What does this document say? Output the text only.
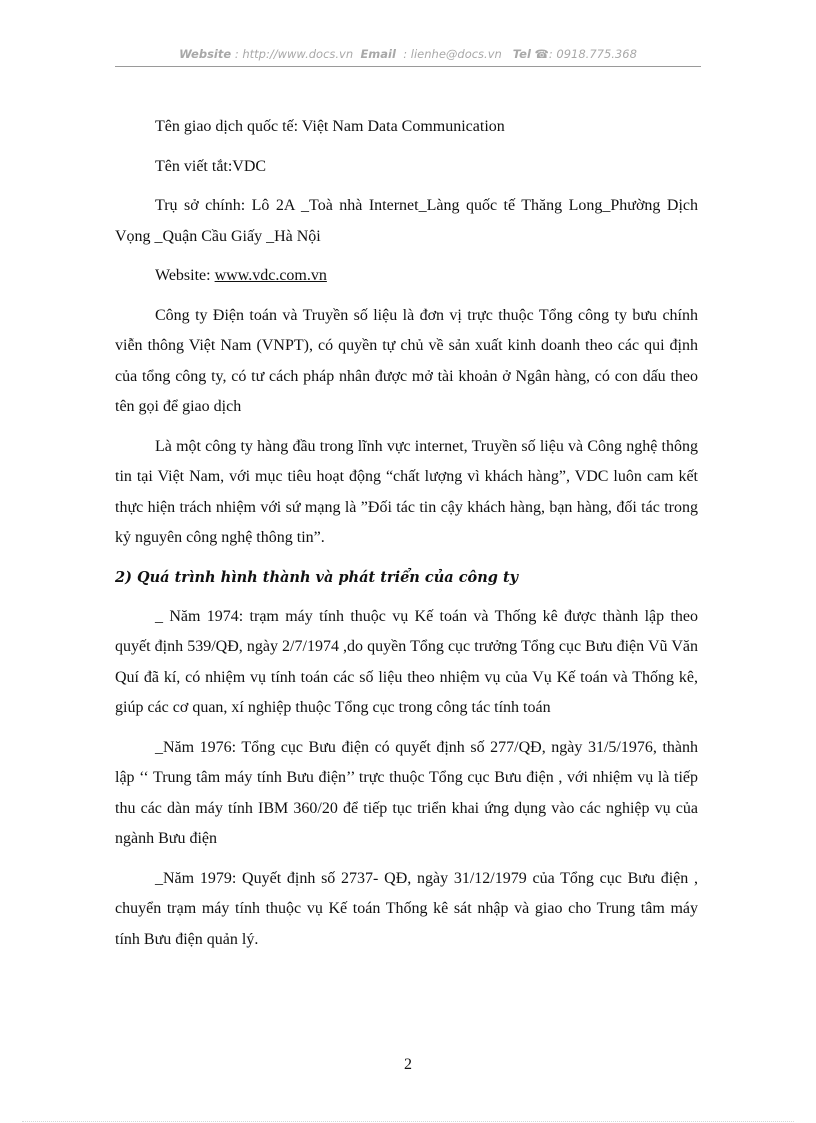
Website : http://www.docs.vn Email : lienhe@docs.vn Tel ☎: 0918.775.368

Tên giao dịch quốc tế: Việt Nam Data Communication

Tên viết tắt:VDC

Trụ sở chính: Lô 2A _Toà nhà Internet_Làng quốc tế Thăng Long_Phường Dịch Vọng _Quận Cầu Giấy _Hà Nội

Website: www.vdc.com.vn

Công ty Điện toán và Truyền số liệu là đơn vị trực thuộc Tổng công ty bưu chính viễn thông Việt Nam (VNPT), có quyền tự chủ về sản xuất kinh doanh theo các qui định của tổng công ty, có tư cách pháp nhân được mở tài khoản ở Ngân hàng, có con dấu theo tên gọi để giao dịch

Là một công ty hàng đầu trong lĩnh vực internet, Truyền số liệu và Công nghệ thông tin tại Việt Nam, với mục tiêu hoạt động “chất lượng vì khách hàng”, VDC luôn cam kết thực hiện trách nhiệm với sứ mạng là ”Đối tác tin cậy khách hàng, bạn hàng, đối tác trong kỷ nguyên công nghệ thông tin”.

2) Quá trình hình thành và phát triển của công ty

_ Năm 1974: trạm máy tính thuộc vụ Kế toán và Thống kê được thành lập theo quyết định 539/QĐ, ngày 2/7/1974 ,do quyền Tổng cục trưởng Tổng cục Bưu điện Vũ Văn Quí đã kí, có nhiệm vụ tính toán các số liệu theo nhiệm vụ của Vụ Kế toán và Thống kê, giúp các cơ quan, xí nghiệp thuộc Tổng cục trong công tác tính toán

_Năm 1976: Tổng cục Bưu điện có quyết định số 277/QĐ, ngày 31/5/1976, thành lập ‘‘ Trung tâm máy tính Bưu điện’’ trực thuộc Tổng cục Bưu điện , với nhiệm vụ là tiếp thu các dàn máy tính IBM 360/20 để tiếp tục triển khai ứng dụng vào các nghiệp vụ của ngành Bưu điện

_Năm 1979: Quyết định số 2737- QĐ, ngày 31/12/1979 của Tổng cục Bưu điện , chuyển trạm máy tính thuộc vụ Kế toán Thống kê sát nhập và giao cho Trung tâm máy tính Bưu điện quản lý.

2
